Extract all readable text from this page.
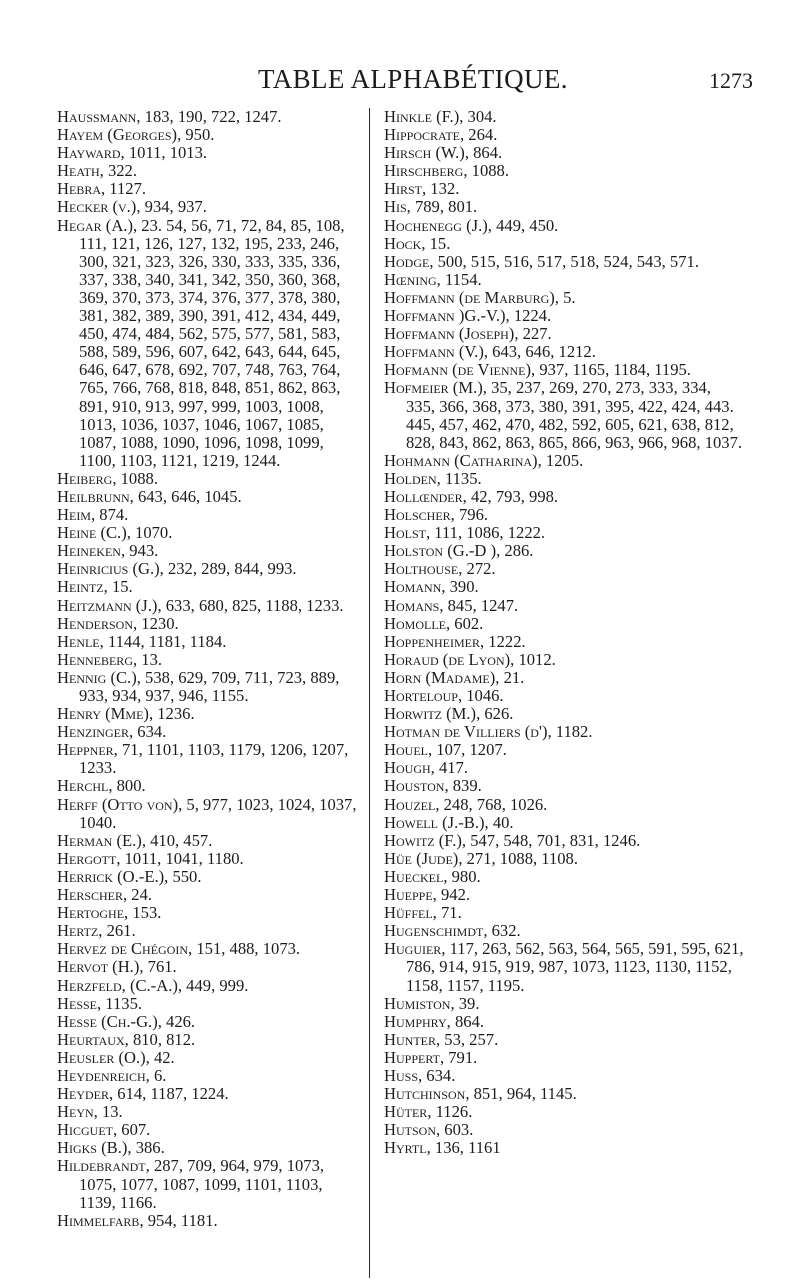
TABLE ALPHABÉTIQUE.	1273
Haussmann, 183, 190, 722, 1247.
Hayem (Georges), 950.
Hayward, 1011, 1013.
Heath, 322.
Hebra, 1127.
Hecker (v.), 934, 937.
Hegar (A.), 23. 54, 56, 71, 72, 84, 85, 108, 111, 121, 126, 127, 132, 195, 233, 246, 300, 321, 323, 326, 330, 333, 335, 336, 337, 338, 340, 341, 342, 350, 360, 368, 369, 370, 373, 374, 376, 377, 378, 380, 381, 382, 389, 390, 391, 412, 434, 449, 450, 474, 484, 562, 575, 577, 581, 583, 588, 589, 596, 607, 642, 643, 644, 645, 646, 647, 678, 692, 707, 748, 763, 764, 765, 766, 768, 818, 848, 851, 862, 863, 891, 910, 913, 997, 999, 1003, 1008, 1013, 1036, 1037, 1046, 1067, 1085, 1087, 1088, 1090, 1096, 1098, 1099, 1100, 1103, 1121, 1219, 1244.
Heiberg, 1088.
Heilbrunn, 643, 646, 1045.
Heim, 874.
Heine (C.), 1070.
Heineken, 943.
Heinricius (G.), 232, 289, 844, 993.
Heintz, 15.
Heitzmann (J.), 633, 680, 825, 1188, 1233.
Henderson, 1230.
Henle, 1144, 1181, 1184.
Henneberg, 13.
Hennig (C.), 538, 629, 709, 711, 723, 889, 933, 934, 937, 946, 1155.
Henry (Mme), 1236.
Henzinger, 634.
Heppner, 71, 1101, 1103, 1179, 1206, 1207, 1233.
Herchl, 800.
Herff (Otto von), 5, 977, 1023, 1024, 1037, 1040.
Herman (E.), 410, 457.
Hergott, 1011, 1041, 1180.
Herrick (O.-E.), 550.
Herscher, 24.
Hertoghe, 153.
Hertz, 261.
Hervez de Chégoin, 151, 488, 1073.
Hervot (H.), 761.
Herzfeld, (C.-A.), 449, 999.
Hesse, 1135.
Hesse (Ch.-G.), 426.
Heurtaux, 810, 812.
Heusler (O.), 42.
Heydenreich, 6.
Heyder, 614, 1187, 1224.
Heyn, 13.
Hicguet, 607.
Higks (B.), 386.
Hildebrandt, 287, 709, 964, 979, 1073, 1075, 1077, 1087, 1099, 1101, 1103, 1139, 1166.
Himmelfarb, 954, 1181.
Hinkle (F.), 304.
Hippocrate, 264.
Hirsch (W.), 864.
Hirschberg, 1088.
Hirst, 132.
His, 789, 801.
Hochenegg (J.), 449, 450.
Hock, 15.
Hodge, 500, 515, 516, 517, 518, 524, 543, 571.
Hœning, 1154.
Hoffmann (de Marburg), 5.
Hoffmann )G.-V.), 1224.
Hoffmann (Joseph), 227.
Hoffmann (V.), 643, 646, 1212.
Hofmann (de Vienne), 937, 1165, 1184, 1195.
Hofmeier (M.), 35, 237, 269, 270, 273, 333, 334, 335, 366, 368, 373, 380, 391, 395, 422, 424, 443. 445, 457, 462, 470, 482, 592, 605, 621, 638, 812, 828, 843, 862, 863, 865, 866, 963, 966, 968, 1037.
Hohmann (Catharina), 1205.
Holden, 1135.
Hollœnder, 42, 793, 998.
Holscher, 796.
Holst, 111, 1086, 1222.
Holston (G.-D ), 286.
Holthouse, 272.
Homann, 390.
Homans, 845, 1247.
Homolle, 602.
Hoppenheimer, 1222.
Horaud (de Lyon), 1012.
Horn (Madame), 21.
Horteloup, 1046.
Horwitz (M.), 626.
Hotman de Villiers (d'), 1182.
Houel, 107, 1207.
Hough, 417.
Houston, 839.
Houzel, 248, 768, 1026.
Howell (J.-B.), 40.
Howitz (F.), 547, 548, 701, 831, 1246.
Hüe (Jude), 271, 1088, 1108.
Hueckel, 980.
Hueppe, 942.
Hüffel, 71.
Hugenschimdt, 632.
Huguier, 117, 263, 562, 563, 564, 565, 591, 595, 621, 786, 914, 915, 919, 987, 1073, 1123, 1130, 1152, 1158, 1157, 1195.
Humiston, 39.
Humphry, 864.
Hunter, 53, 257.
Huppert, 791.
Huss, 634.
Hutchinson, 851, 964, 1145.
Hüter, 1126.
Hutson, 603.
Hyrtl, 136, 1161
